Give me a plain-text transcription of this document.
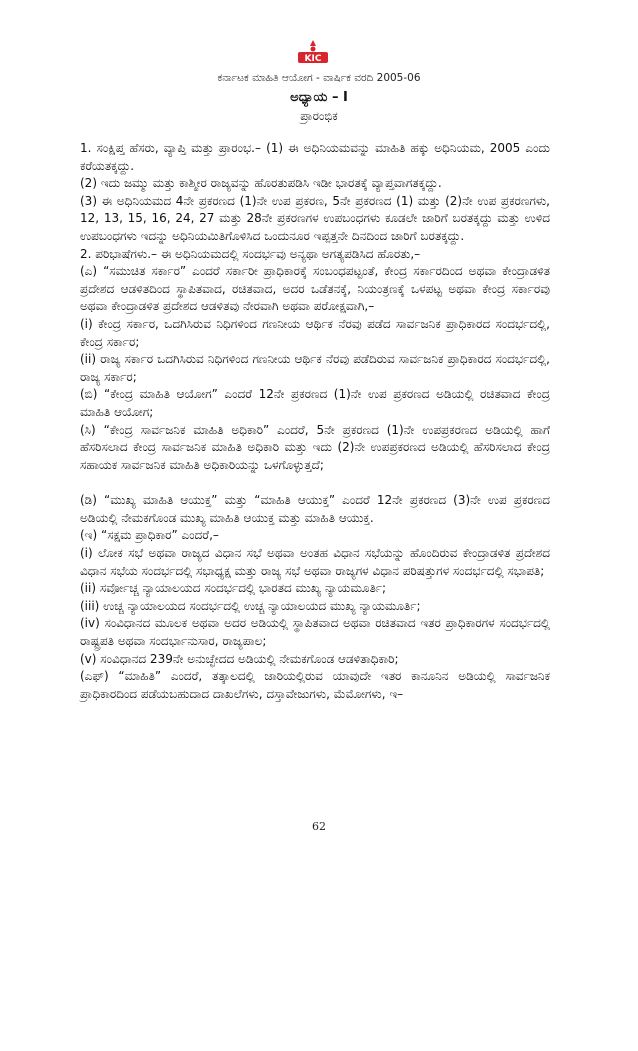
KIC
ಕರ್ನಾಟಕ ಮಾಹಿತಿ ಆಯೋಗ - ವಾರ್ಷಿಕ ವರದಿ 2005-06
ಅಧ್ಯಾಯ – I
ಪ್ರಾರಂಭಿಕ

1. ಸಂಕ್ಷಿಪ್ತ ಹೆಸರು, ವ್ಯಾಪ್ತಿ ಮತ್ತು ಪ್ರಾರಂಭ.– (1) ಈ ಅಧಿನಿಯಮವನ್ನು ಮಾಹಿತಿ ಹಕ್ಕು ಅಧಿನಿಯಮ, 2005 ಎಂದು ಕರೆಯತಕ್ಕದ್ದು.

(2) ಇದು ಜಮ್ಮು ಮತ್ತು ಕಾಶ್ಮೀರ ರಾಜ್ಯವನ್ನು ಹೊರತುಪಡಿಸಿ ಇಡೀ ಭಾರತಕ್ಕೆ ವ್ಯಾಪ್ತವಾಗತಕ್ಕದ್ದು.

(3) ಈ ಅಧಿನಿಯಮದ 4ನೇ ಪ್ರಕರಣದ (1)ನೇ ಉಪ ಪ್ರಕರಣ, 5ನೇ ಪ್ರಕರಣದ (1) ಮತ್ತು (2)ನೇ ಉಪ ಪ್ರಕರಣಗಳು, 12, 13, 15, 16, 24, 27 ಮತ್ತು 28ನೇ ಪ್ರಕರಣಗಳ ಉಪಬಂಧಗಳು ಕೂಡಲೇ ಜಾರಿಗೆ ಬರತಕ್ಕದ್ದು ಮತ್ತು ಉಳಿದ ಉಪಬಂಧಗಳು ಇದನ್ನು ಅಧಿನಿಯಮಿತಿಗೊಳಿಸಿದ ಒಂದುನೂರ ಇಪ್ಪತ್ತನೇ ದಿನದಿಂದ ಜಾರಿಗೆ ಬರತಕ್ಕದ್ದು.

2. ಪರಿಭಾಷೆಗಳು.– ಈ ಅಧಿನಿಯಮದಲ್ಲಿ ಸಂದರ್ಭವು ಅನ್ಯಥಾ ಅಗತ್ಯಪಡಿಸಿದ ಹೊರತು,–

(ಎ) “ಸಮುಚಿತ ಸರ್ಕಾರ” ಎಂದರೆ ಸರ್ಕಾರೀ ಪ್ರಾಧಿಕಾರಕ್ಕೆ ಸಂಬಂಧಪಟ್ಟಂತೆ, ಕೇಂದ್ರ ಸರ್ಕಾರದಿಂದ ಅಥವಾ ಕೇಂದ್ರಾಡಳಿತ ಪ್ರದೇಶದ ಆಡಳಿತದಿಂದ ಸ್ಥಾಪಿತವಾದ, ರಚಿತವಾದ, ಅದರ ಒಡೆತನಕ್ಕೆ, ನಿಯಂತ್ರಣಕ್ಕೆ ಒಳಪಟ್ಟ ಅಥವಾ ಕೇಂದ್ರ ಸರ್ಕಾರವು ಅಥವಾ ಕೇಂದ್ರಾಡಳಿತ ಪ್ರದೇಶದ ಆಡಳಿತವು ನೇರವಾಗಿ ಅಥವಾ ಪರೋಕ್ಷವಾಗಿ,–

(i) ಕೇಂದ್ರ ಸರ್ಕಾರ, ಒದಗಿಸಿರುವ ನಿಧಿಗಳಿಂದ ಗಣನೀಯ ಆರ್ಥಿಕ ನೆರವು ಪಡೆದ ಸಾರ್ವಜನಿಕ ಪ್ರಾಧಿಕಾರದ ಸಂದರ್ಭದಲ್ಲಿ, ಕೇಂದ್ರ ಸರ್ಕಾರ;

(ii) ರಾಜ್ಯ ಸರ್ಕಾರ ಒದಗಿಸಿರುವ ನಿಧಿಗಳಿಂದ ಗಣನೀಯ ಆರ್ಥಿಕ ನೆರವು ಪಡೆದಿರುವ ಸಾರ್ವಜನಿಕ ಪ್ರಾಧಿಕಾರದ ಸಂದರ್ಭದಲ್ಲಿ, ರಾಜ್ಯ ಸರ್ಕಾರ;

(ಬಿ) “ಕೇಂದ್ರ ಮಾಹಿತಿ ಆಯೋಗ” ಎಂದರೆ 12ನೇ ಪ್ರಕರಣದ (1)ನೇ ಉಪ ಪ್ರಕರಣದ ಅಡಿಯಲ್ಲಿ ರಚಿತವಾದ ಕೇಂದ್ರ ಮಾಹಿತಿ ಆಯೋಗ;

(ಸಿ) “ಕೇಂದ್ರ ಸಾರ್ವಜನಿಕ ಮಾಹಿತಿ ಅಧಿಕಾರಿ” ಎಂದರೆ, 5ನೇ ಪ್ರಕರಣದ (1)ನೇ ಉಪಪ್ರಕರಣದ ಅಡಿಯಲ್ಲಿ ಹಾಗೆ ಹೆಸರಿಸಲಾದ ಕೇಂದ್ರ ಸಾರ್ವಜನಿಕ ಮಾಹಿತಿ ಅಧಿಕಾರಿ ಮತ್ತು ಇದು (2)ನೇ ಉಪಪ್ರಕರಣದ ಅಡಿಯಲ್ಲಿ ಹೆಸರಿಸಲಾದ ಕೇಂದ್ರ ಸಹಾಯಕ ಸಾರ್ವಜನಿಕ ಮಾಹಿತಿ ಅಧಿಕಾರಿಯನ್ನು ಒಳಗೊಳ್ಳುತ್ತದೆ;

(ಡಿ) “ಮುಖ್ಯ ಮಾಹಿತಿ ಆಯುಕ್ತ” ಮತ್ತು “ಮಾಹಿತಿ ಆಯುಕ್ತ” ಎಂದರೆ 12ನೇ ಪ್ರಕರಣದ (3)ನೇ ಉಪ ಪ್ರಕರಣದ ಅಡಿಯಲ್ಲಿ ನೇಮಕಗೊಂಡ ಮುಖ್ಯ ಮಾಹಿತಿ ಆಯುಕ್ತ ಮತ್ತು ಮಾಹಿತಿ ಆಯುಕ್ತ.

(ಇ) “ಸಕ್ಷಮ ಪ್ರಾಧಿಕಾರ” ಎಂದರೆ,–

(i) ಲೋಕ ಸಭೆ ಅಥವಾ ರಾಜ್ಯದ ವಿಧಾನ ಸಭೆ ಅಥವಾ ಅಂತಹ ವಿಧಾನ ಸಭೆಯನ್ನು ಹೊಂದಿರುವ ಕೇಂದ್ರಾಡಳಿತ ಪ್ರದೇಶದ ವಿಧಾನ ಸಭೆಯ ಸಂದರ್ಭದಲ್ಲಿ ಸಭಾಧ್ಯಕ್ಷ ಮತ್ತು ರಾಜ್ಯ ಸಭೆ ಅಥವಾ ರಾಜ್ಯಗಳ ವಿಧಾನ ಪರಿಷತ್ತುಗಳ ಸಂದರ್ಭದಲ್ಲಿ ಸಭಾಪತಿ;

(ii) ಸರ್ವೋಚ್ಚ ನ್ಯಾಯಾಲಯದ ಸಂದರ್ಭದಲ್ಲಿ ಭಾರತದ ಮುಖ್ಯ ನ್ಯಾಯಮೂರ್ತಿ;

(iii) ಉಚ್ಚ ನ್ಯಾಯಾಲಯದ ಸಂದರ್ಭದಲ್ಲಿ ಉಚ್ಚ ನ್ಯಾಯಾಲಯದ ಮುಖ್ಯ ನ್ಯಾಯಮೂರ್ತಿ;

(iv) ಸಂವಿಧಾನದ ಮೂಲಕ ಅಥವಾ ಅದರ ಅಡಿಯಲ್ಲಿ ಸ್ಥಾಪಿತವಾದ ಅಥವಾ ರಚಿತವಾದ ಇತರ ಪ್ರಾಧಿಕಾರಗಳ ಸಂದರ್ಭದಲ್ಲಿ ರಾಷ್ಟ್ರಪತಿ ಅಥವಾ ಸಂದರ್ಭಾನುಸಾರ, ರಾಜ್ಯಪಾಲ;

(v) ಸಂವಿಧಾನದ 239ನೇ ಅನುಚ್ಛೇದದ ಅಡಿಯಲ್ಲಿ ನೇಮಕಗೊಂಡ ಆಡಳಿತಾಧಿಕಾರಿ;

(ಎಫ್) “ಮಾಹಿತಿ” ಎಂದರೆ, ತತ್ಕಾಲದಲ್ಲಿ ಜಾರಿಯಲ್ಲಿರುವ ಯಾವುದೇ ಇತರ ಕಾನೂನಿನ ಅಡಿಯಲ್ಲಿ ಸಾರ್ವಜನಿಕ ಪ್ರಾಧಿಕಾರದಿಂದ ಪಡೆಯಬಹುದಾದ ದಾಖಲೆಗಳು, ದಸ್ತಾವೇಜುಗಳು, ಮೆಮೋಗಳು, ಇ–

62
